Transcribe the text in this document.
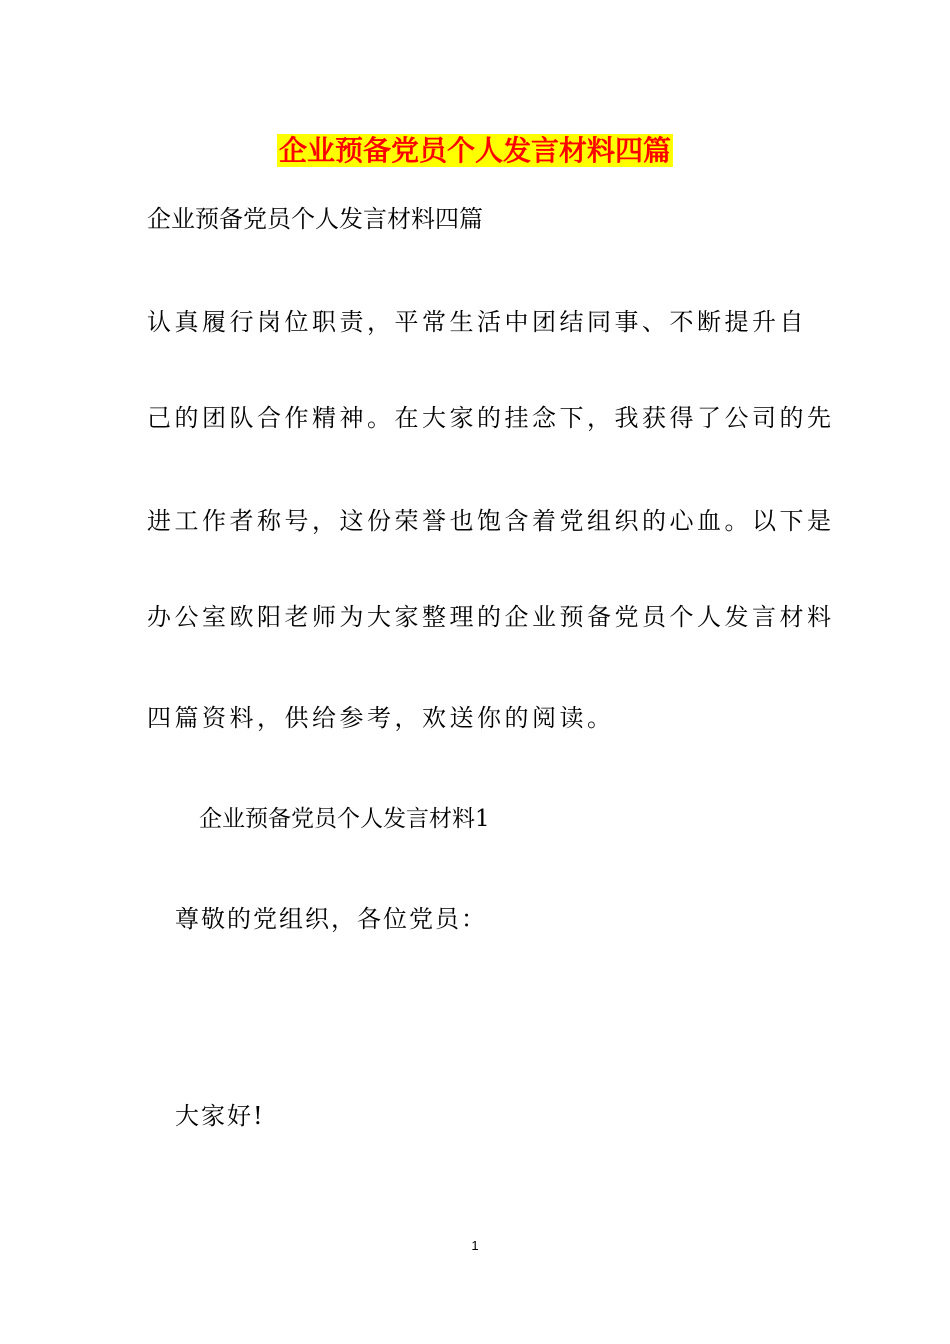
企业预备党员个人发言材料四篇
企业预备党员个人发言材料四篇
认真履行岗位职责，平常生活中团结同事、不断提升自
己的团队合作精神。在大家的挂念下，我获得了公司的先
进工作者称号，这份荣誉也饱含着党组织的心血。以下是
办公室欧阳老师为大家整理的企业预备党员个人发言材料
四篇资料，供给参考，欢送你的阅读。
企业预备党员个人发言材料1
尊敬的党组织，各位党员：
大家好!
1
